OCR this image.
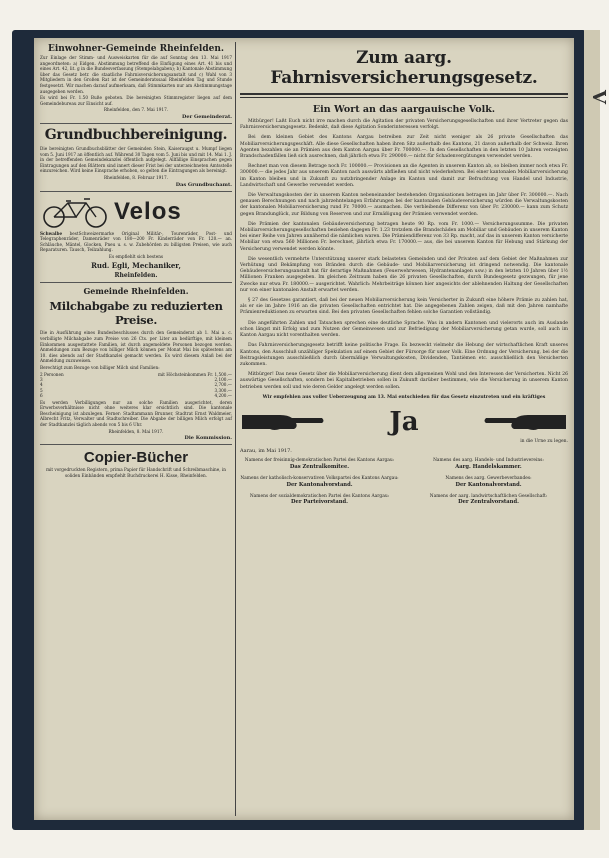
V
Einwohner-Gemeinde Rheinfelden.
Zur Einlage der Stimm- und Ausweiskarten für die auf Sonntag den 13. Mai 1917 angeordneten: a) Eidgen. Abstimmung betreffend die Einfügung eines Art. 41 bis und eines Art. 42, lit. g in die Bundesverfassung (Stempelabgaben); b) Kantonale Abstimmung über das Gesetz betr. die staatliche Fahrnisversicherungsanstalt und c) Wahl von 3 Mitgliedern in den Großen Rat ist der Gemeinderatssaal Rheinfelden Tag und Stunde festgesetzt. Wir machen darauf aufmerksam, daß Stimmkarten nur am Abstimmungstage ausgegeben werden.
Es wird bei Fr. 1.50 Buße geboten. Die bereinigten Stimmregister liegen auf dem Gemeindebureau zur Einsicht auf.
Rheinfelden, den 7. Mai 1917.
Der Gemeinderat.
Grundbuchbereinigung.
Die bereinigten Grundbuchsblätter der Gemeinden Stein, Kaiseraugst u. Mumpf liegen vom 5. Juni 1917 an öffentlich auf. Während 30 Tagen vom 5. Juni bis und mit 14. Mai 1. J. in der betreffenden Gemeindekanzlei öffentlich aufgelegt. Allfällige Einsprachen gegen Eintragungen auf den Blättern sind innert dieser Frist bei der unterzeichneten Amtsstelle einzureichen. Wird keine Einsprache erhoben, so gelten die Eintragungen als bereinigt.
Rheinfelden, 8. Februar 1917.
Das Grundbuchamt.
Velos
Schwalbe bestSchweizermarke Original Militär-, Tourenräder, Post- und Telegraphenräder, Damenräder von 180—200 Fr. Kinderräder von Fr. 120.— an. Schläuche, Mäntel, Glocken, Pneu u. s. w. Zubehörden zu billigsten Preisen, wie auch Reparaturen. Tausch, Teilzahlung.
Es empfiehlt sich bestens
Rud. Egli, Mechaniker,
Rheinfelden.
Gemeinde Rheinfelden.
Milchabgabe zu reduzierten Preise.
Die in Ausführung eines Bundesbeschlusses durch den Gemeinderat ab 1. Mai a. c. verbilligte Milchabgabe zum Preise von 26 Cts. per Liter an bedürftige, mit kleinem Einkommen ausgestattete Familien, ist durch angemeldete Personen bezogen werden. Anmeldungen zum Bezuge von billiger Milch können per Monat Mai bis spätestens am 10. dies abends auf der Stadtkanzlei gemacht werden. Es wird diesem Anlaß bei der Anmeldung zuzuweisen.
Berechtigt zum Bezuge von billiger Milch sind Familien:
2 Personen	mit Höchsteinkommen Fr. 1,500.—
3	2,100.—
4	2,700.—
5	3,300.—
6	4,200.—
Es werden Verbilligungen nur an solche Familien ausgerichtet, deren Erwerbsverhältnisse nicht ohne weiteres klar ersichtlich sind. Die kantonale Bescheinigung ist abzulegen. Ferner: Stadtammann Brunner, Stadtrat Ernst Waldmeier, Albrecht Fritz, Verwalter und Stadtschreiber. Die Abgabe der billigen Milch erfolgt auf der Stadtkanzlei täglich abends von 5 bis 6 Uhr.
Rheinfelden, 8. Mai 1917.
Die Kommission.
Copier-Bücher
mit vorgedruckten Registern, prima Papier für Handschrift und Schreibmaschine, in soliden Einbänden empfiehlt Buchdruckerei H. Kisse, Rheinfelden.
Zum aarg. Fahrnisversicherungsgesetz.
Ein Wort an das aargauische Volk.
Mitbürger! Laßt Euch nicht irre machen durch die Agitation der privaten Versicherungsgesellschaften und ihrer Vertreter gegen das Fahrnisversicherungsgesetz. Bedenkt, daß diese Agitation Sonderinteressen verfolgt.
Bei dem kleinen Gebiet des Kantons Aargau betreiben zur Zeit nicht weniger als 26 private Gesellschaften das Mobiliarversicherungsgeschäft. Alle diese Gesellschaften haben ihren Sitz außerhalb des Kantons, 21 davon außerhalb der Schweiz. Ihren Agenten bezahlen sie an Prämien aus dem Kanton Aargau über Fr. 700000.—. In den Gesellschaften in den letzten 10 Jahren verzeigten Brandschadenfällen ließ sich ausrechnen, daß jährlich etwa Fr. 290000.— nicht für Schadenvergütungen verwendet werden.
Rechnet man von diesem Betrage noch Fr. 100000.— Provisionen an die Agenten in unserem Kanton ab, so bleiben immer noch etwa Fr. 300000.— die jedes Jahr aus unserem Kanton nach auswärts abfließen und nicht wiederkehren. Bei einer kantonalen Mobiliarversicherung im Kanton bleiben und in Zukunft zu nutzbringender Anlage im Kanton und damit zur Befruchtung von Handel und Industrie, Landwirtschaft und Gewerbe verwendet werden.
Die Verwaltungskosten der in unserem Kanton nebeneinander bestehenden Organisationen betragen im Jahr über Fr. 300000.—. Nach genauen Berechnungen und nach jahrzehntelangen Erfahrungen bei der kantonalen Gebäudeversicherung würden die Verwaltungskosten der kantonalen Mobiliarversicherung rund Fr. 70000.— ausmachen. Die verbleibende Differenz von über Fr. 230000.— kann zum Schutz gegen Brandunglück, zur Bildung von Reserven und zur Ermäßigung der Prämien verwendet werden.
Die Prämien der kantonalen Gebäudeversicherung betragen heute 90 Rp. vom Fr. 1000.— Versicherungssumme. Die privaten Mobiliarversicherungsgesellschaften beziehen dagegen Fr. 1.23 trotzdem die Brandschäden am Mobiliar und Gebäuden in unserem Kanton bei einer Reihe von Jahren annähernd die nämlichen waren. Die Prämiendifferenz von 33 Rp. macht, auf das in unserem Kanton versicherte Mobiliar von etwa 560 Millionen Fr. berechnet, jährlich etwa Fr. 170000.— aus, die bei unserem Kanton für Hebung und Stärkung der Versicherung verwendet werden könnte.
Die wesentlich vermehrte Unterstützung unserer stark belasteten Gemeinden und der Privaten auf dem Gebiet der Maßnahmen zur Verhütung und Bekämpfung von Bränden durch die Gebäude- und Mobiliarversicherung ist dringend notwendig. Die kantonale Gebäudeversicherungsanstalt hat für derartige Maßnahmen (Feuerwehrwesen, Hydrantenanlagen usw.) in den letzten 10 Jahren über 1½ Millionen Franken ausgegeben. Im gleichen Zeitraum haben die 26 privaten Gesellschaften, durch Bundesgesetz gezwungen, für jene Zwecke nur etwa Fr. 180000.— ausgerichtet. Wahrlich: Mehrbeiträge können hier angesichts der ablehnenden Haltung der Gesellschaften nur von einer kantonalen Anstalt erwartet werden.
§ 27 des Gesetzes garantiert, daß bei der neuen Mobiliarversicherung kein Versicherter in Zukunft eine höhere Prämie zu zahlen hat, als er sie im Jahre 1916 an die privaten Gesellschaften entrichtet hat. Die angegebenen Zahlen zeigen, daß mit den Jahren namhafte Prämienreduktionen zu erwarten sind. Bei den privaten Gesellschaften fehlen solche Garantien vollständig.
Die angeführten Zahlen und Tatsachen sprechen eine deutliche Sprache. Was in andern Kantonen und vielerorts auch im Auslande schon längst mit Erfolg und zum Nutzen der Gemeinwesen und zur Befriedigung der Mobiliarversicherung getan wurde, soll auch im Kanton Aargau nicht vorenthalten werden.
Das Fahrnisversicherungsgesetz betrifft keine politische Frage. Es bezweckt vielmehr die Hebung der wirtschaftlichen Kraft unseres Kantons, den Ausschluß unzähliger Spekulation auf einem Gebiet der Fürsorge für unser Volk. Eine Ordnung der Versicherung, bei der die Beitragsleistungen ausschließlich durch übermäßige Verwaltungskosten, Dividenden, Tantièmen etc. ausschließlich den Versicherten zukommen.
Mitbürger! Das neue Gesetz über die Mobiliarversicherung dient dem allgemeinen Wohl und den Interessen der Versicherten. Nicht 26 auswärtige Gesellschaften, sondern bei Kapitalbetrieben sollen in Zukunft darüber bestimmen, wie die Versicherung in unserem Kanton betrieben werden soll und wie deren Gelder angelegt werden sollen.
Wir empfehlen aus voller Ueberzeugung am 13. Mai entschieden für das Gesetz einzutreten und ein kräftiges
Ja
in die Urne zu legen.
Aarau, im Mai 1917.
Namens der freisinnig-demokratischen Partei des Kantons Aargau:
Das Zentralkomitee.
Namens des aarg. Handels- und Industrievereins:
Aarg. Handelskammer.
Namens der katholisch-konservativen Volkspartei des Kantons Aargau:
Der Kantonalvorstand.
Namens des aarg. Gewerbeverbandes:
Der Kantonalvorstand.
Namens der sozialdemokratischen Partei des Kantons Aargau:
Der Parteivorstand.
Namens der aarg. landwirtschaftlichen Gesellschaft:
Der Zentralvorstand.
